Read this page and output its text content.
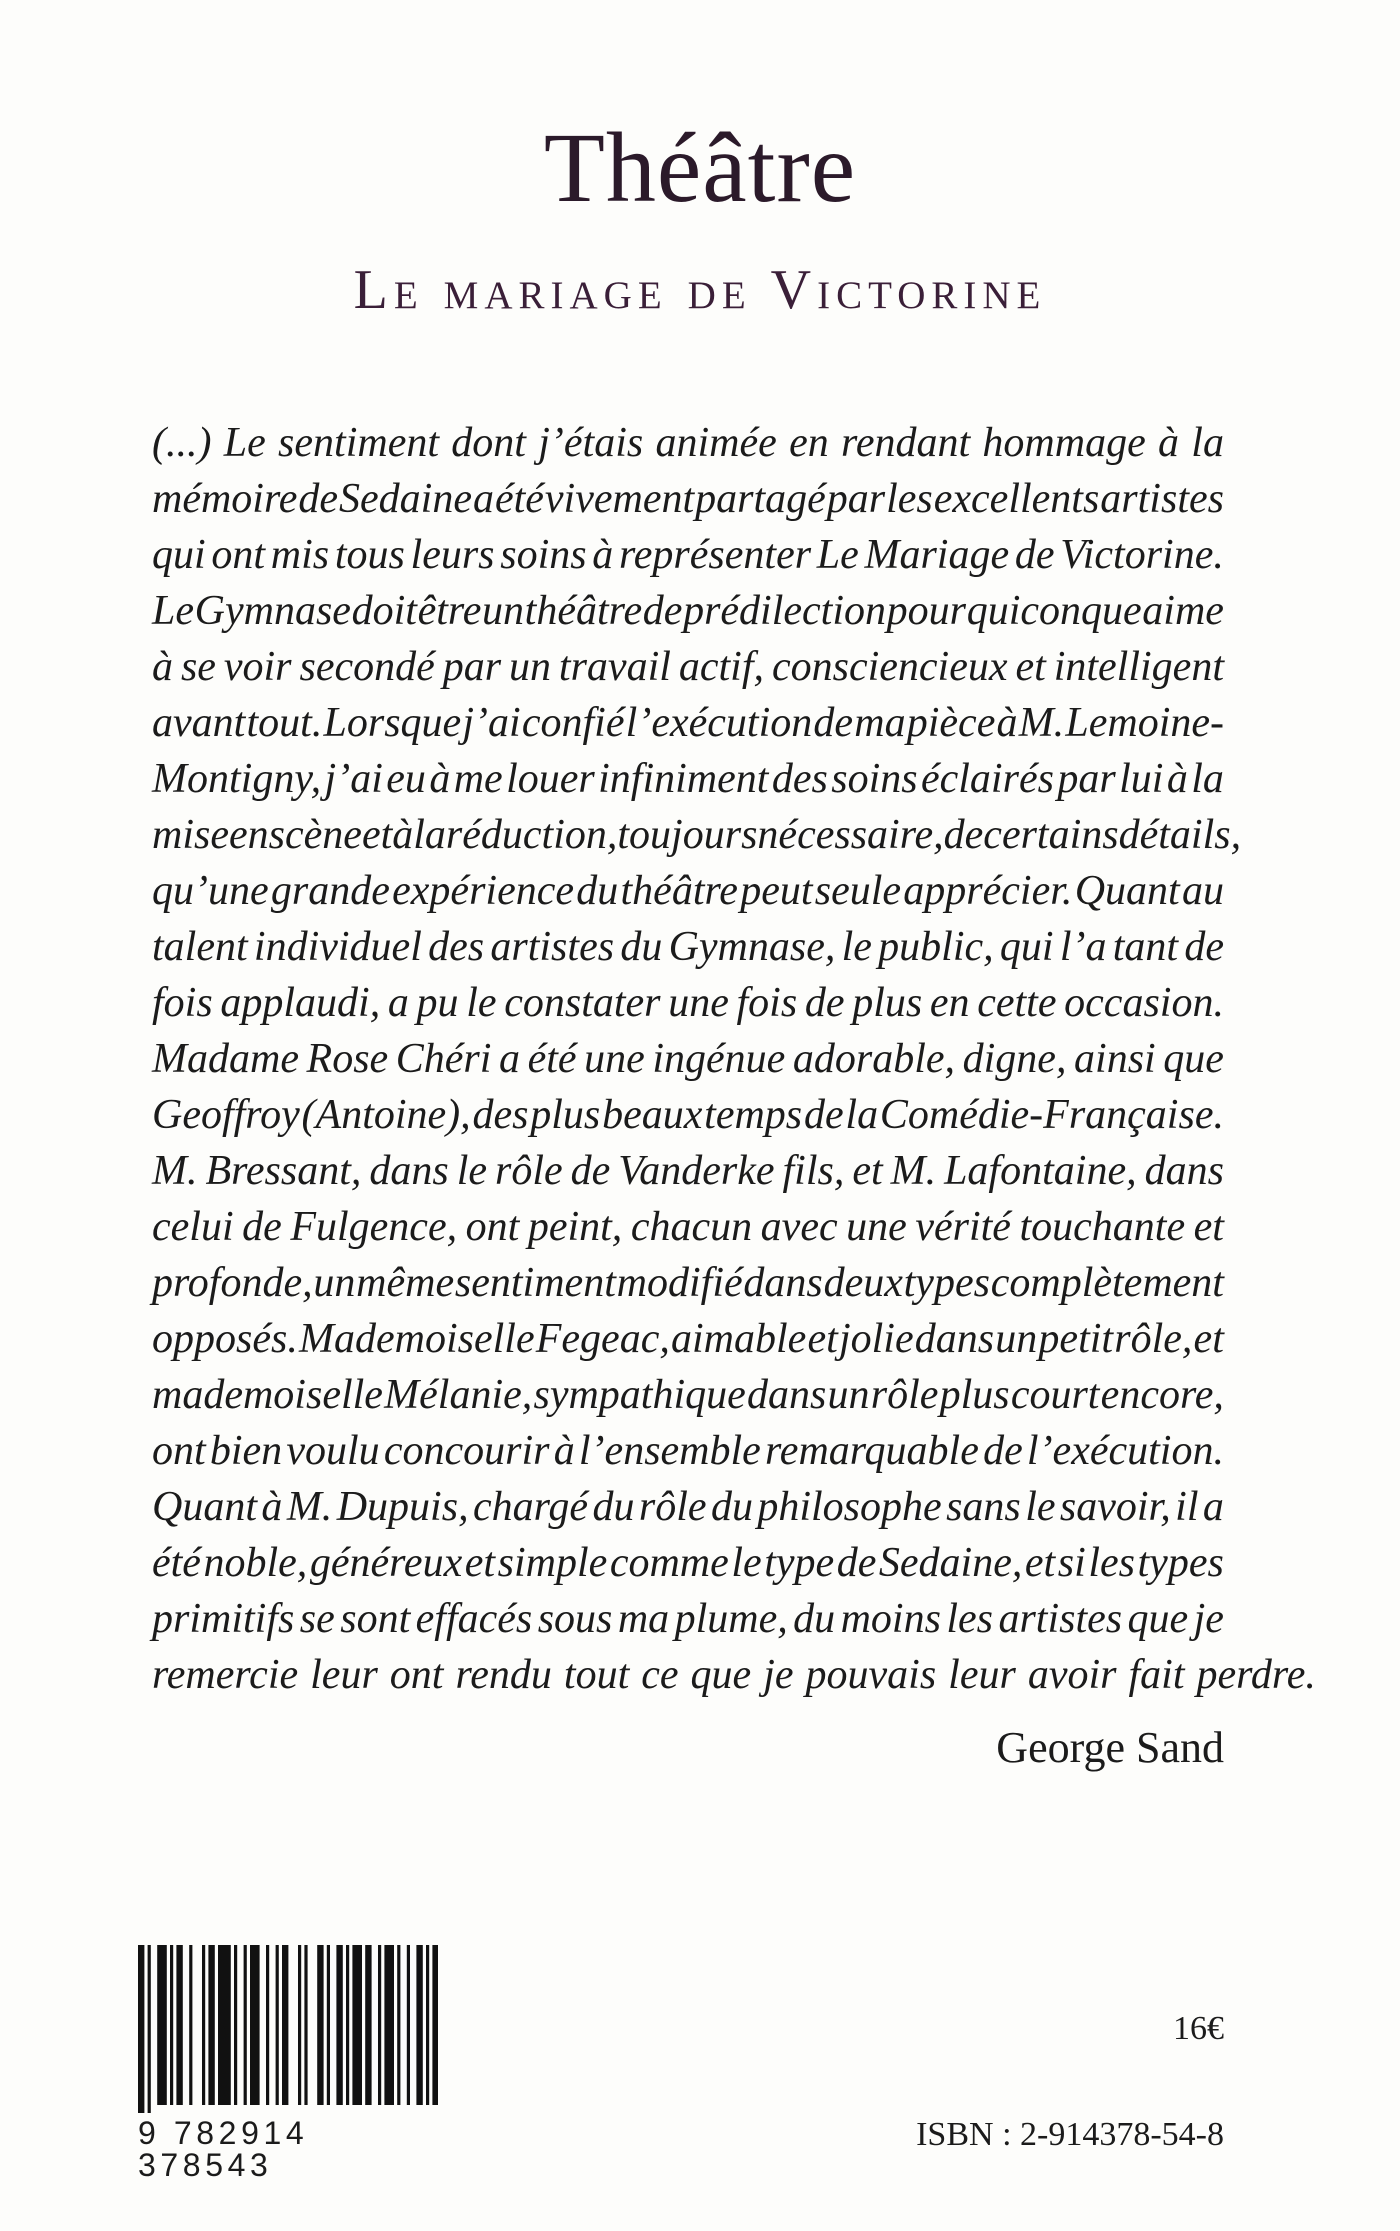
Théâtre
Le mariage de Victorine
(...) Le sentiment dont j’étais animée en rendant hommage à la
mémoire de Sedaine a été vivement partagé par les excellents artistes
qui ont mis tous leurs soins à représenter Le Mariage de Victorine.
Le Gymnase doit être un théâtre de prédilection pour quiconque aime
à se voir secondé par un travail actif, consciencieux et intelligent
avant tout. Lorsque j’ai confié l’exécution de ma pièce à M. Lemoine-
Montigny, j’ai eu à me louer infiniment des soins éclairés par lui à la
mise en scène et à la réduction, toujours nécessaire, de certains détails,
qu’une grande expérience du théâtre peut seule apprécier. Quant au
talent individuel des artistes du Gymnase, le public, qui l’a tant de
fois applaudi, a pu le constater une fois de plus en cette occasion.
Madame Rose Chéri a été une ingénue adorable, digne, ainsi que
Geoffroy (Antoine), des plus beaux temps de la Comédie-Française.
M. Bressant, dans le rôle de Vanderke fils, et M. Lafontaine, dans
celui de Fulgence, ont peint, chacun avec une vérité touchante et
profonde, un même sentiment modifié dans deux types complètement
opposés. Mademoiselle Fegeac, aimable et jolie dans un petit rôle, et
mademoiselle Mélanie, sympathique dans un rôle plus court encore,
ont bien voulu concourir à l’ensemble remarquable de l’exécution.
Quant à M. Dupuis, chargé du rôle du philosophe sans le savoir, il a
été noble, généreux et simple comme le type de Sedaine, et si les types
primitifs se sont effacés sous ma plume, du moins les artistes que je
remercie leur ont rendu tout ce que je pouvais leur avoir fait perdre.
George Sand
9 782914 378543
16€
ISBN : 2-914378-54-8
